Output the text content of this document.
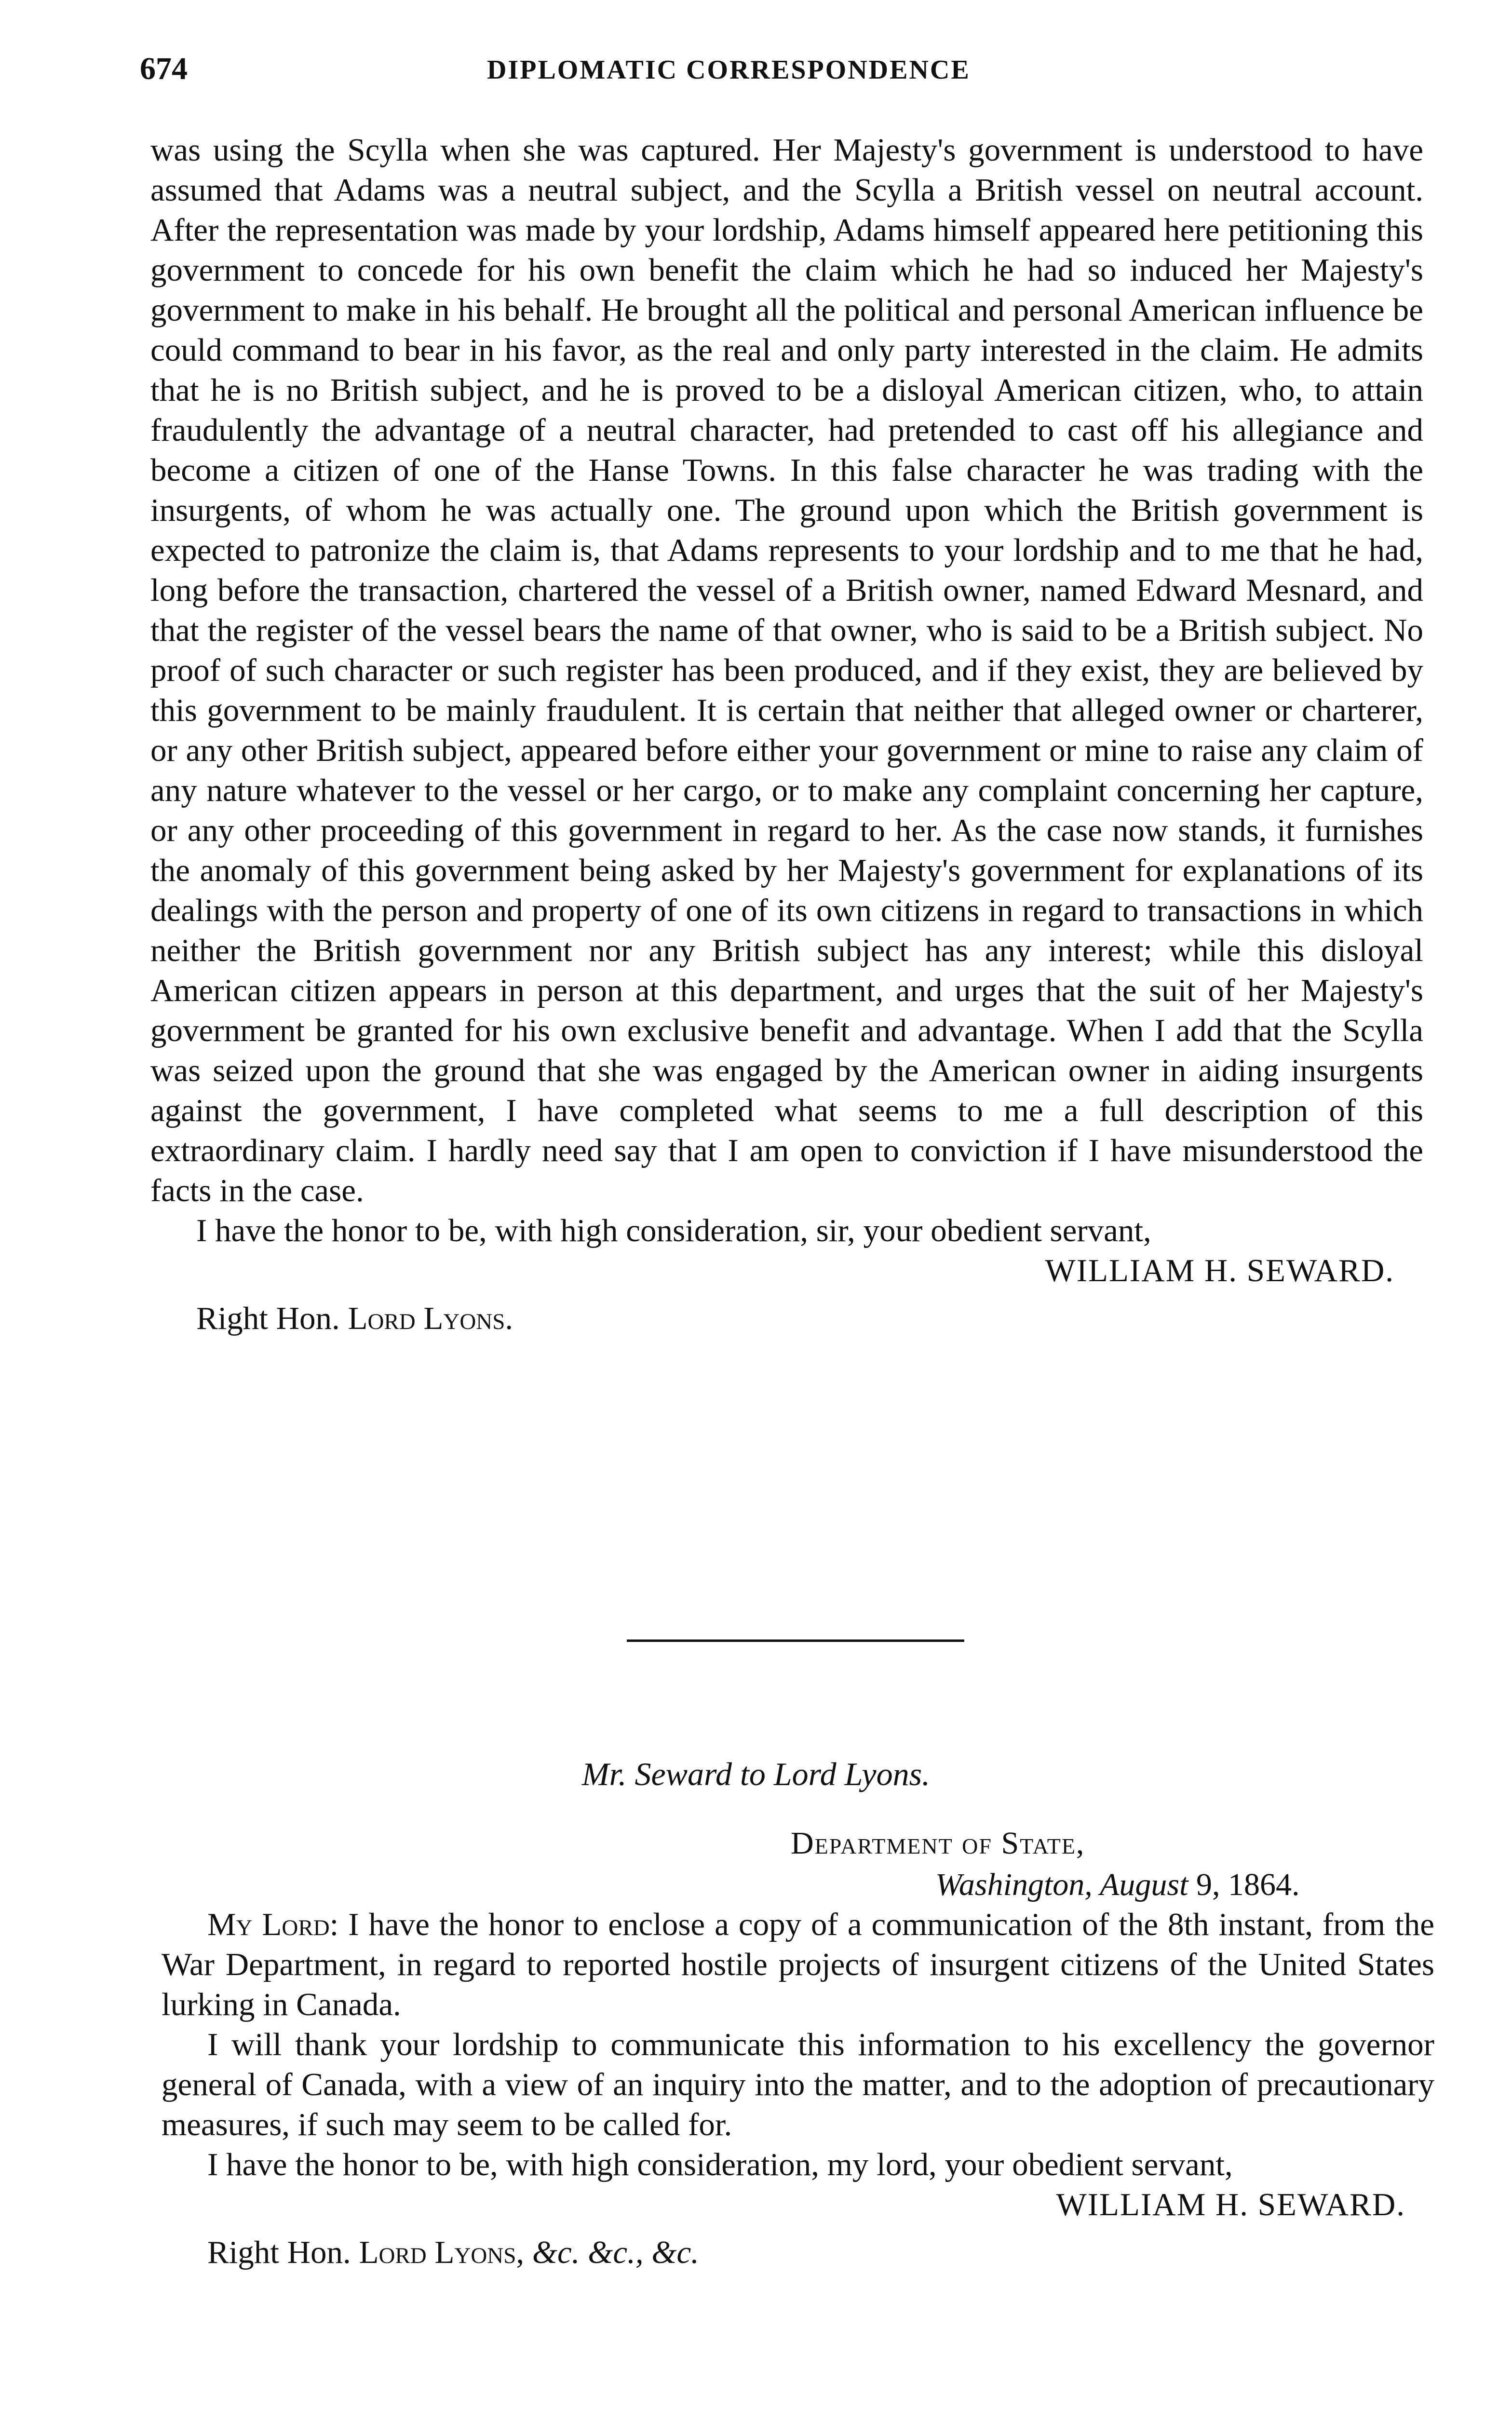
674	DIPLOMATIC CORRESPONDENCE

was using the Scylla when she was captured. Her Majesty's government is understood to have assumed that Adams was a neutral subject, and the Scylla a British vessel on neutral account. After the representation was made by your lordship, Adams himself appeared here petitioning this government to concede for his own benefit the claim which he had so induced her Majesty's government to make in his behalf. He brought all the political and personal American influence be could command to bear in his favor, as the real and only party interested in the claim. He admits that he is no British subject, and he is proved to be a disloyal American citizen, who, to attain fraudulently the advantage of a neutral character, had pretended to cast off his allegiance and become a citizen of one of the Hanse Towns. In this false character he was trading with the insurgents, of whom he was actually one. The ground upon which the British government is expected to patronize the claim is, that Adams represents to your lordship and to me that he had, long before the transaction, chartered the vessel of a British owner, named Edward Mesnard, and that the register of the vessel bears the name of that owner, who is said to be a British subject. No proof of such character or such register has been produced, and if they exist, they are believed by this government to be mainly fraudulent. It is certain that neither that alleged owner or charterer, or any other British subject, appeared before either your government or mine to raise any claim of any nature whatever to the vessel or her cargo, or to make any complaint concerning her capture, or any other proceeding of this government in regard to her. As the case now stands, it furnishes the anomaly of this government being asked by her Majesty's government for explanations of its dealings with the person and property of one of its own citizens in regard to transactions in which neither the British government nor any British subject has any interest; while this disloyal American citizen appears in person at this department, and urges that the suit of her Majesty's government be granted for his own exclusive benefit and advantage. When I add that the Scylla was seized upon the ground that she was engaged by the American owner in aiding insurgents against the government, I have completed what seems to me a full description of this extraordinary claim. I hardly need say that I am open to conviction if I have misunderstood the facts in the case.

I have the honor to be, with high consideration, sir, your obedient servant,

WILLIAM H. SEWARD.

Right Hon. Lord Lyons.

Mr. Seward to Lord Lyons.
Department of State,
Washington, August 9, 1864.

My Lord: I have the honor to enclose a copy of a communication of the 8th instant, from the War Department, in regard to reported hostile projects of insurgent citizens of the United States lurking in Canada.

I will thank your lordship to communicate this information to his excellency the governor general of Canada, with a view of an inquiry into the matter, and to the adoption of precautionary measures, if such may seem to be called for.

I have the honor to be, with high consideration, my lord, your obedient servant,

WILLIAM H. SEWARD.

Right Hon. Lord Lyons, &c. &c., &c.
